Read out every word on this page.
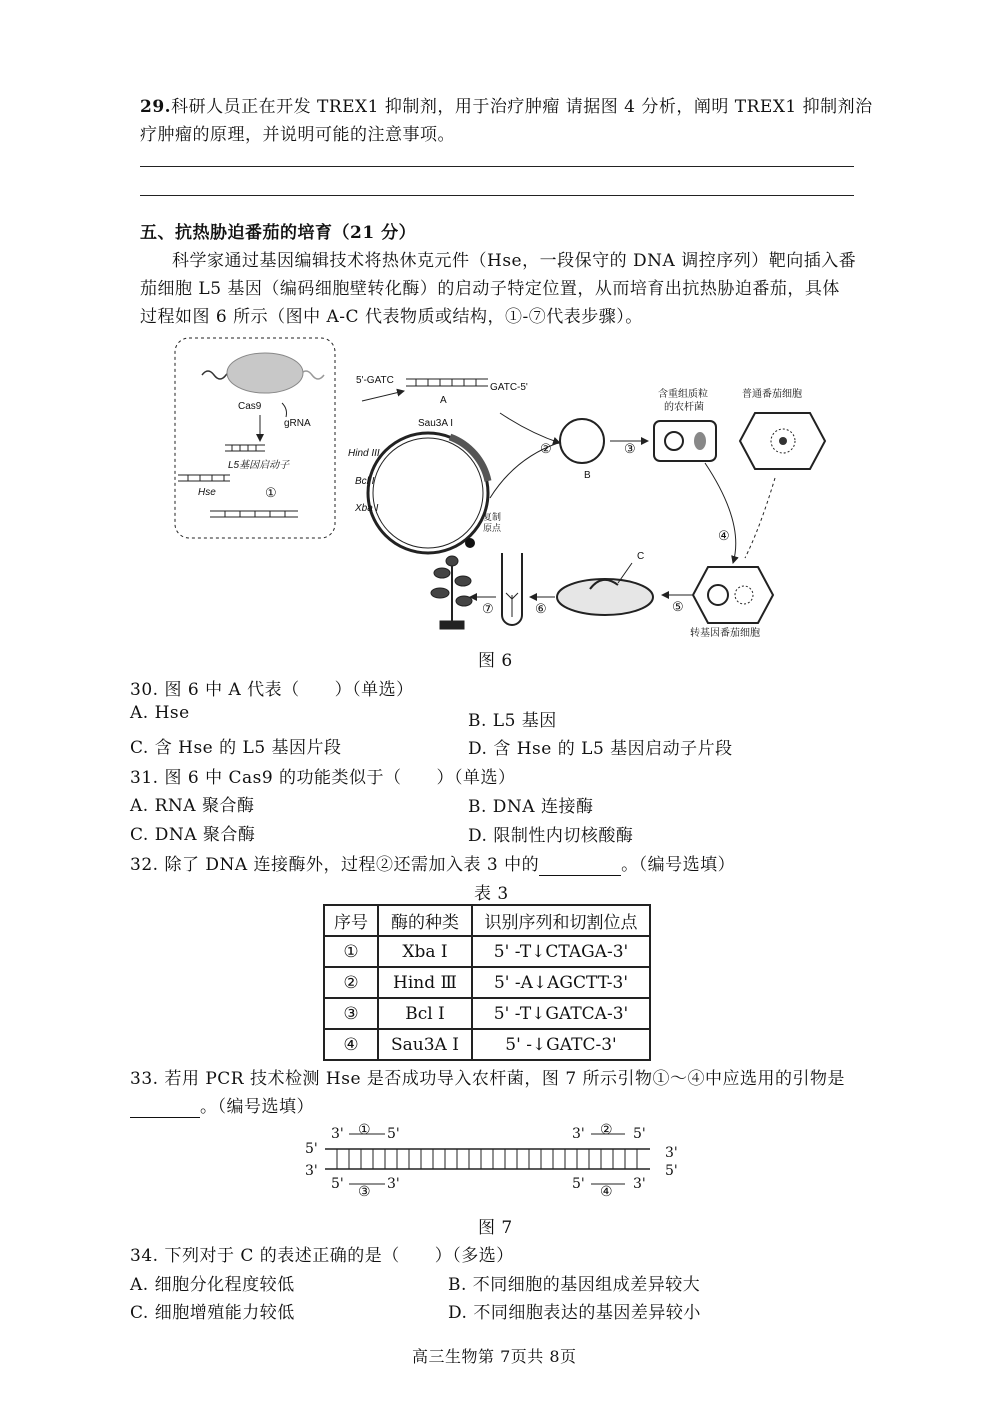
29.科研人员正在开发 TREX1 抑制剂，用于治疗肿瘤 请据图 4 分析，阐明 TREX1 抑制剂治
疗肿瘤的原理，并说明可能的注意事项。
五、抗热胁迫番茄的培育（21 分）
科学家通过基因编辑技术将热休克元件（Hse，一段保守的 DNA 调控序列）靶向插入番
茄细胞 L5 基因（编码细胞壁转化酶）的启动子特定位置，从而培育出抗热胁迫番茄，具体
过程如图 6 所示（图中 A-C 代表物质或结构，①-⑦代表步骤）。
Cas9
gRNA
L5基因启动子
Hse	①
5'-GATC
GATC-5'
A
Sau3A I
Hind III
Bcl I
Xba I
复制
原点
②
B
③
含重组质粒
的农杆菌
普通番茄细胞
④
转基因番茄细胞
⑤
C
⑥
⑦
图 6
30. 图 6 中 A 代表（　　）（单选）
A. Hse	B. L5 基因
C. 含 Hse 的 L5 基因片段	D. 含 Hse 的 L5 基因启动子片段
31. 图 6 中 Cas9 的功能类似于（　　）（单选）
A. RNA 聚合酶	B. DNA 连接酶
C. DNA 聚合酶	D. 限制性内切核酸酶
32. 除了 DNA 连接酶外，过程②还需加入表 3 中的	。（编号选填）
表 3
序号	酶的种类	识别序列和切割位点
①	Xba Ⅰ	5' -T↓CTAGA-3'
②	Hind Ⅲ	5' -A↓AGCTT-3'
③	Bcl Ⅰ	5' -T↓GATCA-3'
④	Sau3A Ⅰ	5' -↓GATC-3'
33. 若用 PCR 技术检测 Hse 是否成功导入农杆菌，图 7 所示引物①～④中应选用的引物是
。（编号选填）
5'
3'
3'
5'
3' ① 5'	3' ② 5'
5' ③ 3'	5' ④ 3'
图 7
34. 下列对于 C 的表述正确的是（　　）（多选）
A. 细胞分化程度较低	B. 不同细胞的基因组成差异较大
C. 细胞增殖能力较低	D. 不同细胞表达的基因差异较小
高三生物第 7页共 8页
